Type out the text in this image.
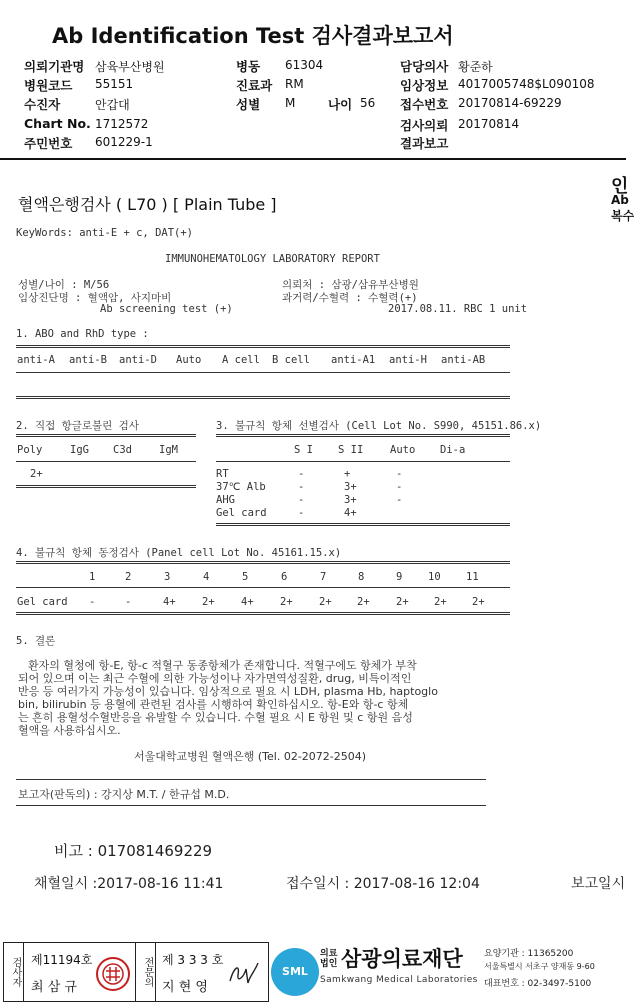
Ab Identification Test 검사결과보고서
의뢰기관명 삼육부산병원
병원코드 55151
수진자	안갑대
Chart No. 1712572
주민번호 601229-1
병동 61304
진료과 RM
성별 M	나이 56
담당의사 황준하
임상정보 4017005748$L090108
접수번호 20170814-69229
검사의뢰 20170814
결과보고
인
Ab
복수
혈액은행검사 ( L70 ) [ Plain Tube ]
KeyWords: anti-E + c, DAT(+)
IMMUNOHEMATOLOGY LABORATORY REPORT
성별/나이 : M/56
임상진단명 : 혈액암, 사지마비
Ab screening test (+)
의뢰처 : 삼광/삼유부산병원
과거력/수혈력 : 수혈력(+)
2017.08.11. RBC 1 unit
1. ABO and RhD type :
anti-A anti-B anti-D Auto A cell B cell anti-A1 anti-H anti-AB
2. 직접 항글로불린 검사
Poly	IgG C3d	IgM
2+
3. 불규칙 항체 선별검사 (Cell Lot No. S990, 45151.86.x)
S I S II	Auto Di-a
RT	-	+	-
37℃ Alb	-	3+	-
AHG	-	3+	-
Gel card	-	4+
4. 불규칙 항체 동정검사 (Panel cell Lot No. 45161.15.x)
1	2	3	4	5	6	7	8	9 10 11
Gel card -	-	4+	2+	4+	2+	2+ 2+	2+ 2+ 2+
5. 결론
환자의 혈청에 항-E, 항-c 적혈구 동종항체가 존재합니다. 적혈구에도 항체가 부착
되어 있으며 이는 최근 수혈에 의한 가능성이나 자가면역성질환, drug, 비특이적인
반응 등 여러가지 가능성이 있습니다. 임상적으로 필요 시 LDH, plasma Hb, haptoglo
bin, bilirubin 등 용혈에 관련된 검사를 시행하여 확인하십시오. 항-E와 항-c 항체
는 흔히 용혈성수혈반응을 유발할 수 있습니다. 수혈 필요 시 E 항원 및 c 항원 음성
혈액을 사용하십시오.
서울대학교병원 혈액은행 (Tel. 02-2072-2504)
보고자(판독의) : 강지상 M.T. / 한규섭 M.D.
비고 : 017081469229
채혈일시 :2017-08-16 11:41	접수일시 : 2017-08-16 12:04	보고일시
검사자 제11194호
최 삼 규
전문의 제 3 3 3 호
지 현 영
SML
의료법인 삼광의료재단
Samkwang Medical Laboratories
요양기관 : 11365200
서울특별시 서초구 양재동 9-60
대표번호 : 02-3497-5100
